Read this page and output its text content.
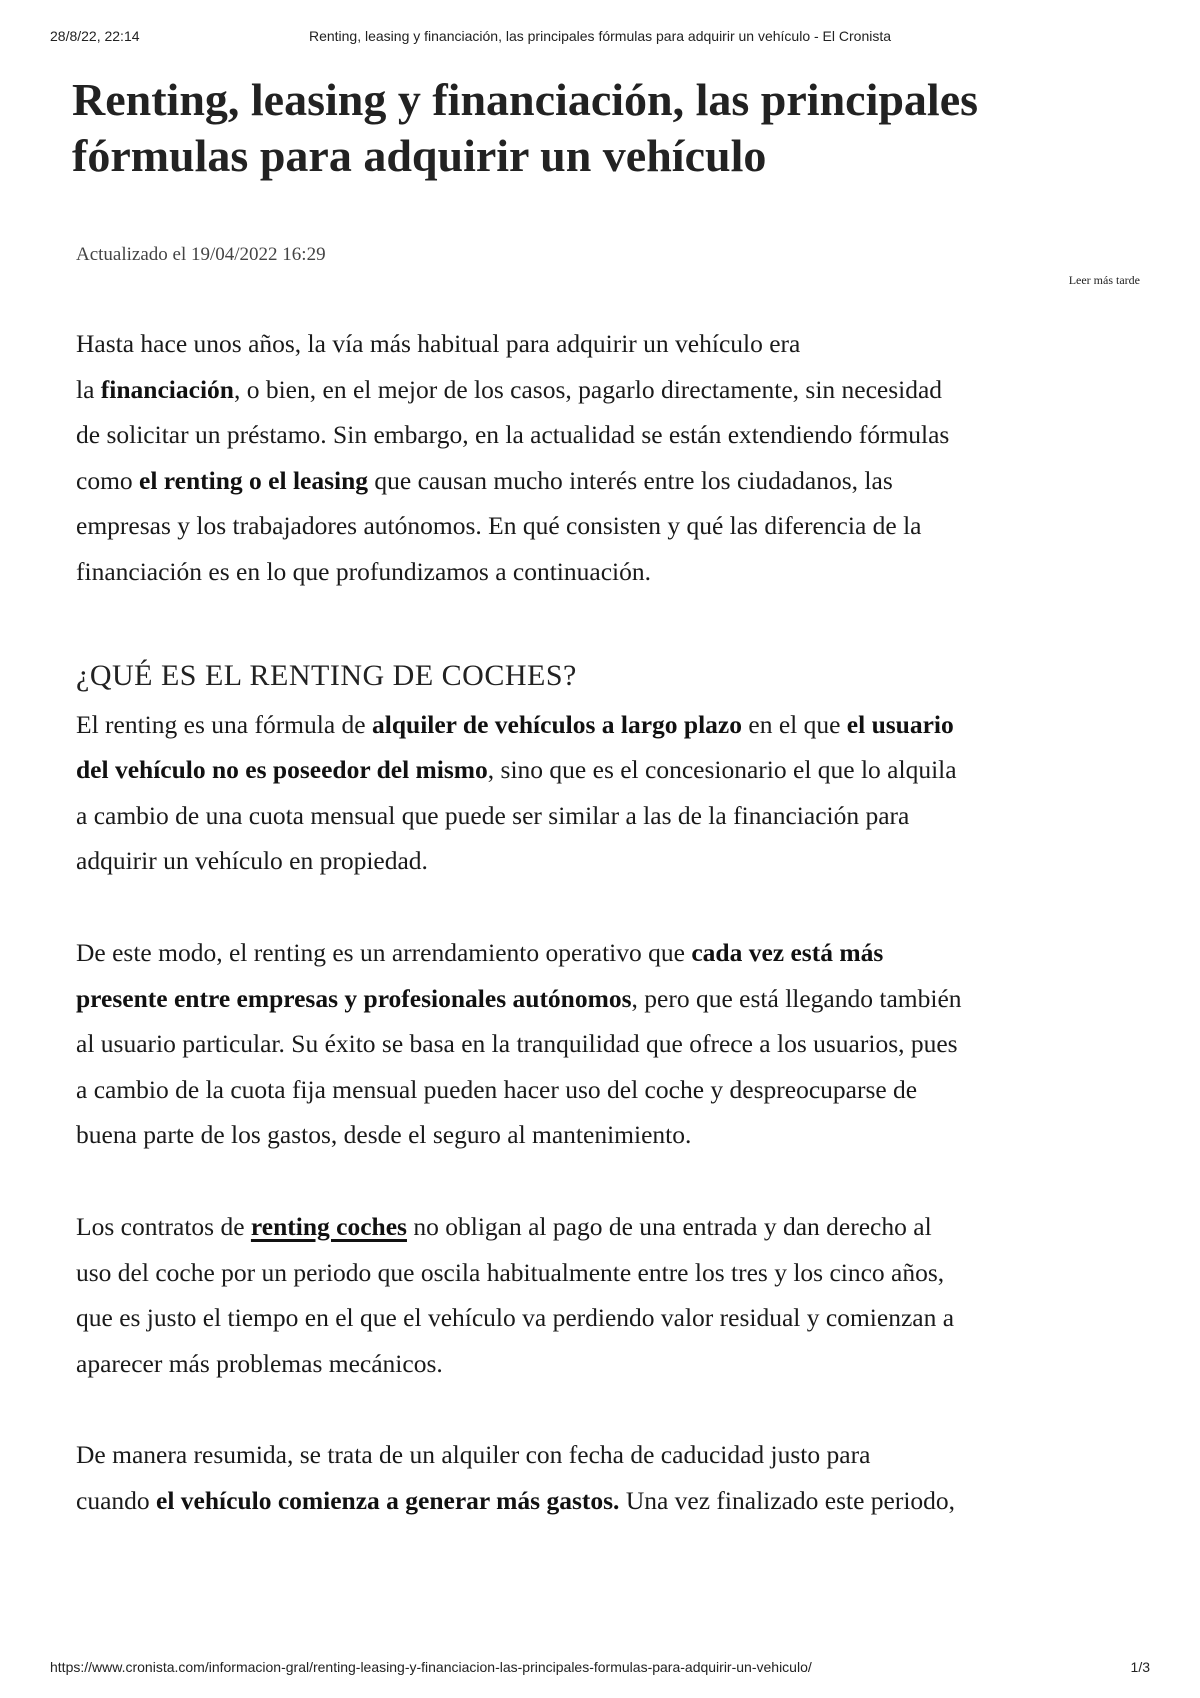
28/8/22, 22:14	Renting, leasing y financiación, las principales fórmulas para adquirir un vehículo - El Cronista
Renting, leasing y financiación, las principales
fórmulas para adquirir un vehículo
Actualizado el 19/04/2022 16:29
Leer más tarde

Hasta hace unos años, la vía más habitual para adquirir un vehículo era
la financiación, o bien, en el mejor de los casos, pagarlo directamente, sin necesidad
de solicitar un préstamo. Sin embargo, en la actualidad se están extendiendo fórmulas
como el renting o el leasing que causan mucho interés entre los ciudadanos, las
empresas y los trabajadores autónomos. En qué consisten y qué las diferencia de la
financiación es en lo que profundizamos a continuación.

¿QUÉ ES EL RENTING DE COCHES?

El renting es una fórmula de alquiler de vehículos a largo plazo en el que el usuario
del vehículo no es poseedor del mismo, sino que es el concesionario el que lo alquila
a cambio de una cuota mensual que puede ser similar a las de la financiación para
adquirir un vehículo en propiedad.

De este modo, el renting es un arrendamiento operativo que cada vez está más
presente entre empresas y profesionales autónomos, pero que está llegando también
al usuario particular. Su éxito se basa en la tranquilidad que ofrece a los usuarios, pues
a cambio de la cuota fija mensual pueden hacer uso del coche y despreocuparse de
buena parte de los gastos, desde el seguro al mantenimiento.

Los contratos de renting coches no obligan al pago de una entrada y dan derecho al
uso del coche por un periodo que oscila habitualmente entre los tres y los cinco años,
que es justo el tiempo en el que el vehículo va perdiendo valor residual y comienzan a
aparecer más problemas mecánicos.

De manera resumida, se trata de un alquiler con fecha de caducidad justo para
cuando el vehículo comienza a generar más gastos. Una vez finalizado este periodo,

https://www.cronista.com/informacion-gral/renting-leasing-y-financiacion-las-principales-formulas-para-adquirir-un-vehiculo/	1/3
